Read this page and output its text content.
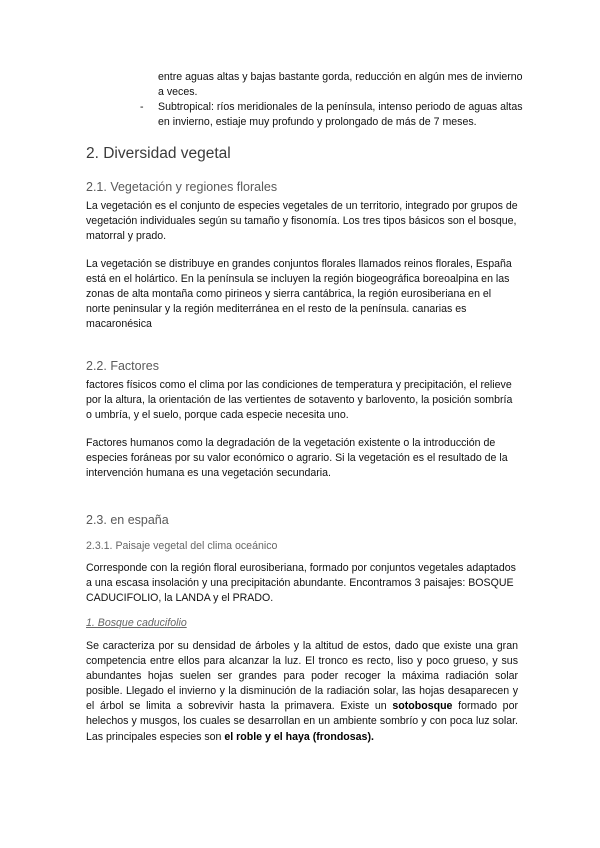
entre aguas altas y bajas bastante gorda, reducción en algún mes de invierno a veces.

- Subtropical: ríos meridionales de la península, intenso periodo de aguas altas en invierno, estiaje muy profundo y prolongado de más de 7 meses.

2. Diversidad vegetal
2.1. Vegetación y regiones florales

La vegetación es el conjunto de especies vegetales de un territorio, integrado por grupos de vegetación individuales según su tamaño y fisonomía. Los tres tipos básicos son el bosque, matorral y prado.

La vegetación se distribuye en grandes conjuntos florales llamados reinos florales, España está en el holártico. En la península se incluyen la región biogeográfica boreoalpina en las zonas de alta montaña como pirineos y sierra cantábrica, la región eurosiberiana en el norte peninsular y la región mediterránea en el resto de la península. canarias es macaronésica

2.2. Factores

factores físicos como el clima por las condiciones de temperatura y precipitación, el relieve por la altura, la orientación de las vertientes de sotavento y barlovento, la posición sombría o umbría, y el suelo, porque cada especie necesita uno.

Factores humanos como la degradación de la vegetación existente o la introducción de especies foráneas por su valor económico o agrario. Si la vegetación es el resultado de la intervención humana es una vegetación secundaria.

2.3. en españa
2.3.1. Paisaje vegetal del clima oceánico

Corresponde con la región floral eurosiberiana, formado por conjuntos vegetales adaptados a una escasa insolación y una precipitación abundante. Encontramos 3 paisajes: BOSQUE CADUCIFOLIO, la LANDA y el PRADO.

1. Bosque caducifolio

Se caracteriza por su densidad de árboles y la altitud de estos, dado que existe una gran competencia entre ellos para alcanzar la luz. El tronco es recto, liso y poco grueso, y sus abundantes hojas suelen ser grandes para poder recoger la máxima radiación solar posible. Llegado el invierno y la disminución de la radiación solar, las hojas desaparecen y el árbol se limita a sobrevivir hasta la primavera. Existe un sotobosque formado por helechos y musgos, los cuales se desarrollan en un ambiente sombrío y con poca luz solar. Las principales especies son el roble y el haya (frondosas).
